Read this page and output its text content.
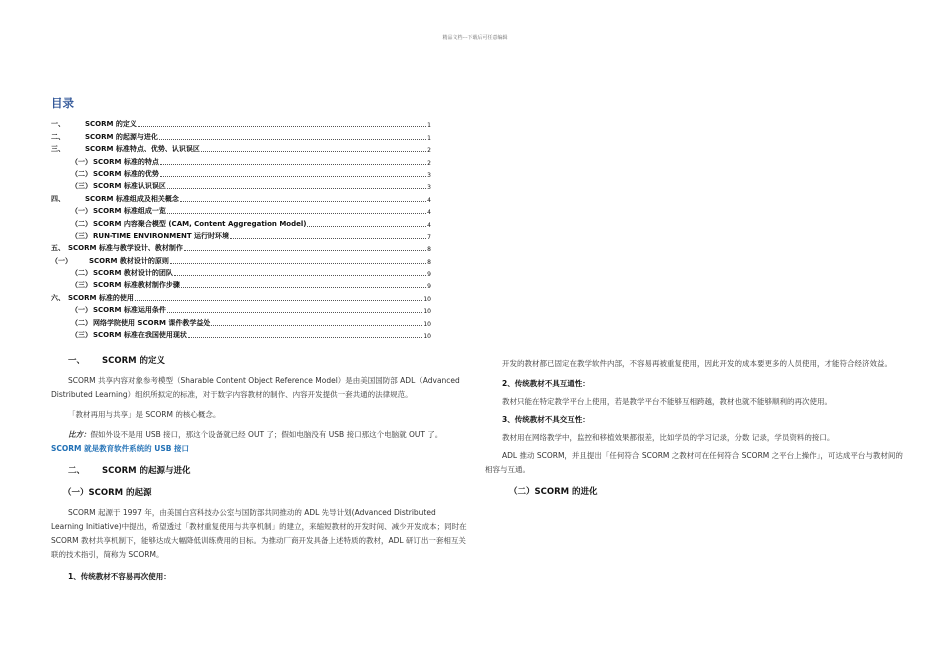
精品文档---下载后可任意编辑
目录
一、	SCORM 的定义	1
二、	SCORM 的起源与进化	1
三、	SCORM 标准特点、优势、认识误区	2
（一） SCORM 标准的特点	2
（二） SCORM 标准的优势	3
（三） SCORM 标准认识误区	3
四、	SCORM 标准组成及相关概念	4
（一） SCORM 标准组成一览	4
（二） SCORM 内容聚合模型 (CAM, Content Aggregation Model)	4
（三） RUN-TIME ENVIRONMENT 运行时环境	7
五、 SCORM 标准与教学设计、教材制作	8
（一）	SCORM 教材设计的原则	8
（二） SCORM 教材设计的团队	9
（三） SCORM 标准教材制作步骤	9
六、 SCORM 标准的使用	10
（一） SCORM 标准运用条件	10
（二） 网络学院使用 SCORM 课件教学益处	10
（三） SCORM 标准在我国使用现状	10

一、 SCORM 的定义

SCORM 共享内容对象参考模型（Sharable Content Object Reference Model）是由美国国防部 ADL（Advanced Distributed Learning）组织所拟定的标准，对于数字内容教材的制作、内容开发提供一套共通的法律规范。

「教材再用与共享」是 SCORM 的核心概念。

比方：假如外设不是用 USB 接口，那这个设备就已经 OUT 了；假如电脑没有 USB 接口那这个电脑就 OUT 了。SCORM 就是教育软件系统的 USB 接口

二、 SCORM 的起源与进化

（一）SCORM 的起源

SCORM 起源于 1997 年，由美国白宫科技办公室与国防部共同推动的 ADL 先导计划(Advanced Distributed Learning Initiative)中提出，希望透过「教材重复使用与共享机制」的建立，来缩短教材的开发时间、减少开发成本；同时在 SCORM 教材共享机制下，能够达成大幅降低训练费用的目标。为推动厂商开发具备上述特质的教材，ADL 研订出一套相互关联的技术指引，简称为 SCORM。

1、传统教材不容易再次使用：

开发的教材都已固定在教学软件内部，不容易再被重复使用，因此开发的成本要更多的人员使用，才能符合经济效益。

2、传统教材不具互通性：

教材只能在特定教学平台上使用，若是教学平台不能够互相跨越，教材也就不能够顺利的再次使用。

3、传统教材不具交互性：

教材用在网络教学中，监控和移植效果都很差，比如学员的学习记录，分数 记录，学员资料的接口。

ADL 推动 SCORM，并且提出「任何符合 SCORM 之教材可在任何符合 SCORM 之平台上操作」，可达成平台与教材间的相容与互通。

（二）SCORM 的进化
